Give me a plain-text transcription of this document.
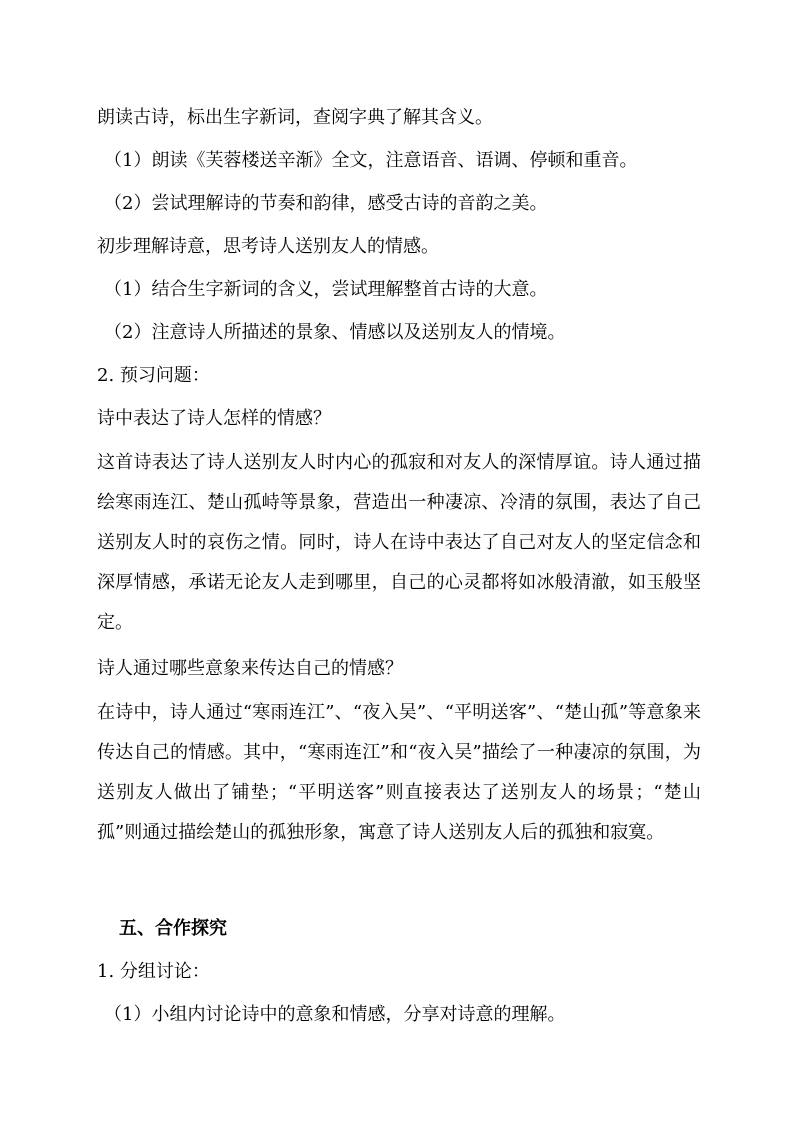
朗读古诗，标出生字新词，查阅字典了解其含义。
（1）朗读《芙蓉楼送辛渐》全文，注意语音、语调、停顿和重音。
（2）尝试理解诗的节奏和韵律，感受古诗的音韵之美。
初步理解诗意，思考诗人送别友人的情感。
（1）结合生字新词的含义，尝试理解整首古诗的大意。
（2）注意诗人所描述的景象、情感以及送别友人的情境。
2. 预习问题：
诗中表达了诗人怎样的情感？
这首诗表达了诗人送别友人时内心的孤寂和对友人的深情厚谊。诗人通过描绘寒雨连江、楚山孤峙等景象，营造出一种凄凉、冷清的氛围，表达了自己送别友人时的哀伤之情。同时，诗人在诗中表达了自己对友人的坚定信念和深厚情感，承诺无论友人走到哪里，自己的心灵都将如冰般清澈，如玉般坚定。
诗人通过哪些意象来传达自己的情感？
在诗中，诗人通过“寒雨连江”、“夜入吴”、“平明送客”、“楚山孤”等意象来传达自己的情感。其中，“寒雨连江”和“夜入吴”描绘了一种凄凉的氛围，为送别友人做出了铺垫；“平明送客”则直接表达了送别友人的场景；“楚山孤”则通过描绘楚山的孤独形象，寓意了诗人送别友人后的孤独和寂寞。
五、合作探究
1. 分组讨论：
（1）小组内讨论诗中的意象和情感，分享对诗意的理解。
